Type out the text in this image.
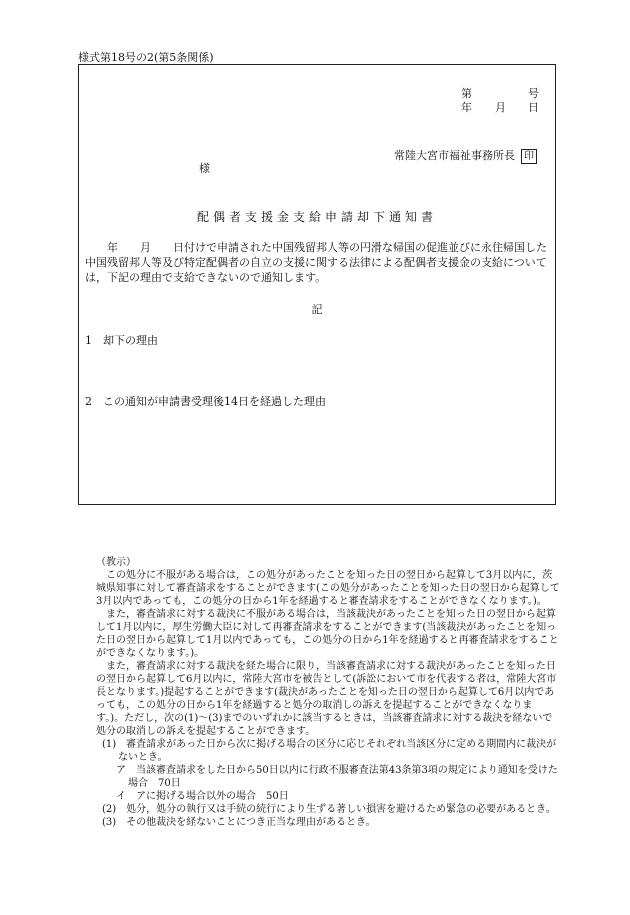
様式第18号の2(第5条関係)
第	号
年 月 日
常陸大宮市福祉事務所長 印
様
配偶者支援金支給申請却下通知書
　　年　　月　　日付けで申請された中国残留邦人等の円滑な帰国の促進並びに永住帰国した中国残留邦人等及び特定配偶者の自立の支援に関する法律による配偶者支援金の支給については，下記の理由で支給できないので通知します。
記
1　却下の理由
2　この通知が申請書受理後14日を経過した理由

（教示）

この処分に不服がある場合は，この処分があったことを知った日の翌日から起算して3月以内に，茨城県知事に対して審査請求をすることができます(この処分があったことを知った日の翌日から起算して3月以内であっても，この処分の日から1年を経過すると審査請求をすることができなくなります。)。

また，審査請求に対する裁決に不服がある場合は，当該裁決があったことを知った日の翌日から起算して1月以内に，厚生労働大臣に対して再審査請求をすることができます(当該裁決があったことを知った日の翌日から起算して1月以内であっても，この処分の日から1年を経過すると再審査請求をすることができなくなります。)。

また，審査請求に対する裁決を経た場合に限り，当該審査請求に対する裁決があったことを知った日の翌日から起算して6月以内に，常陸大宮市を被告として(訴訟において市を代表する者は，常陸大宮市長となります。)提起することができます(裁決があったことを知った日の翌日から起算して6月以内であっても，この処分の日から1年を経過すると処分の取消しの訴えを提起することができなくなります。)。ただし，次の(1)～(3)までのいずれかに該当するときは，当該審査請求に対する裁決を経ないで処分の取消しの訴えを提起することができます。

(1)　審査請求があった日から次に掲げる場合の区分に応じそれぞれ当該区分に定める期間内に裁決がないとき。

ア　当該審査請求をした日から50日以内に行政不服審査法第43条第3項の規定により通知を受けた場合　70日

イ　アに掲げる場合以外の場合　50日

(2)　処分，処分の執行又は手続の続行により生ずる著しい損害を避けるため緊急の必要があるとき。

(3)　その他裁決を経ないことにつき正当な理由があるとき。
